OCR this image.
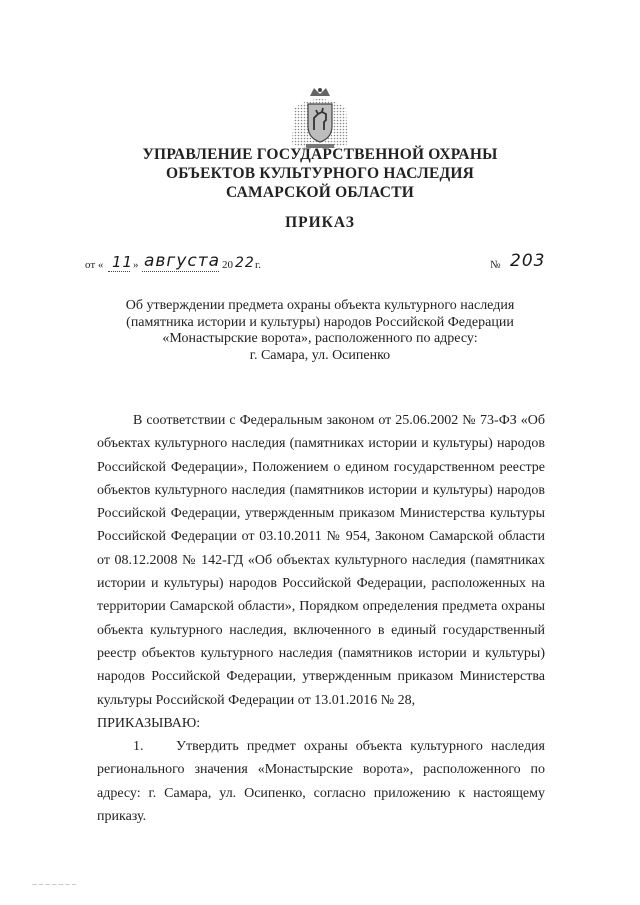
УПРАВЛЕНИЕ ГОСУДАРСТВЕННОЙ ОХРАНЫ
ОБЪЕКТОВ КУЛЬТУРНОГО НАСЛЕДИЯ
САМАРСКОЙ ОБЛАСТИ
ПРИКАЗ
от « 11 » августа 20 22 г.	№ 203
Об утверждении предмета охраны объекта культурного наследия
(памятника истории и культуры) народов Российской Федерации
«Монастырские ворота», расположенного по адресу:
г. Самара, ул. Осипенко

В соответствии с Федеральным законом от 25.06.2002 № 73-ФЗ «Об объектах культурного наследия (памятниках истории и культуры) народов Российской Федерации», Положением о едином государственном реестре объектов культурного наследия (памятников истории и культуры) народов Российской Федерации, утвержденным приказом Министерства культуры Российской Федерации от 03.10.2011 № 954, Законом Самарской области от 08.12.2008 № 142-ГД «Об объектах культурного наследия (памятниках истории и культуры) народов Российской Федерации, расположенных на территории Самарской области», Порядком определения предмета охраны объекта культурного наследия, включенного в единый государственный реестр объектов культурного наследия (памятников истории и культуры) народов Российской Федерации, утвержденным приказом Министерства культуры Российской Федерации от 13.01.2016 № 28,

ПРИКАЗЫВАЮ:

1.    Утвердить предмет охраны объекта культурного наследия регионального значения «Монастырские ворота», расположенного по адресу: г. Самара, ул. Осипенко, согласно приложению к настоящему приказу.

— — — — — — —
